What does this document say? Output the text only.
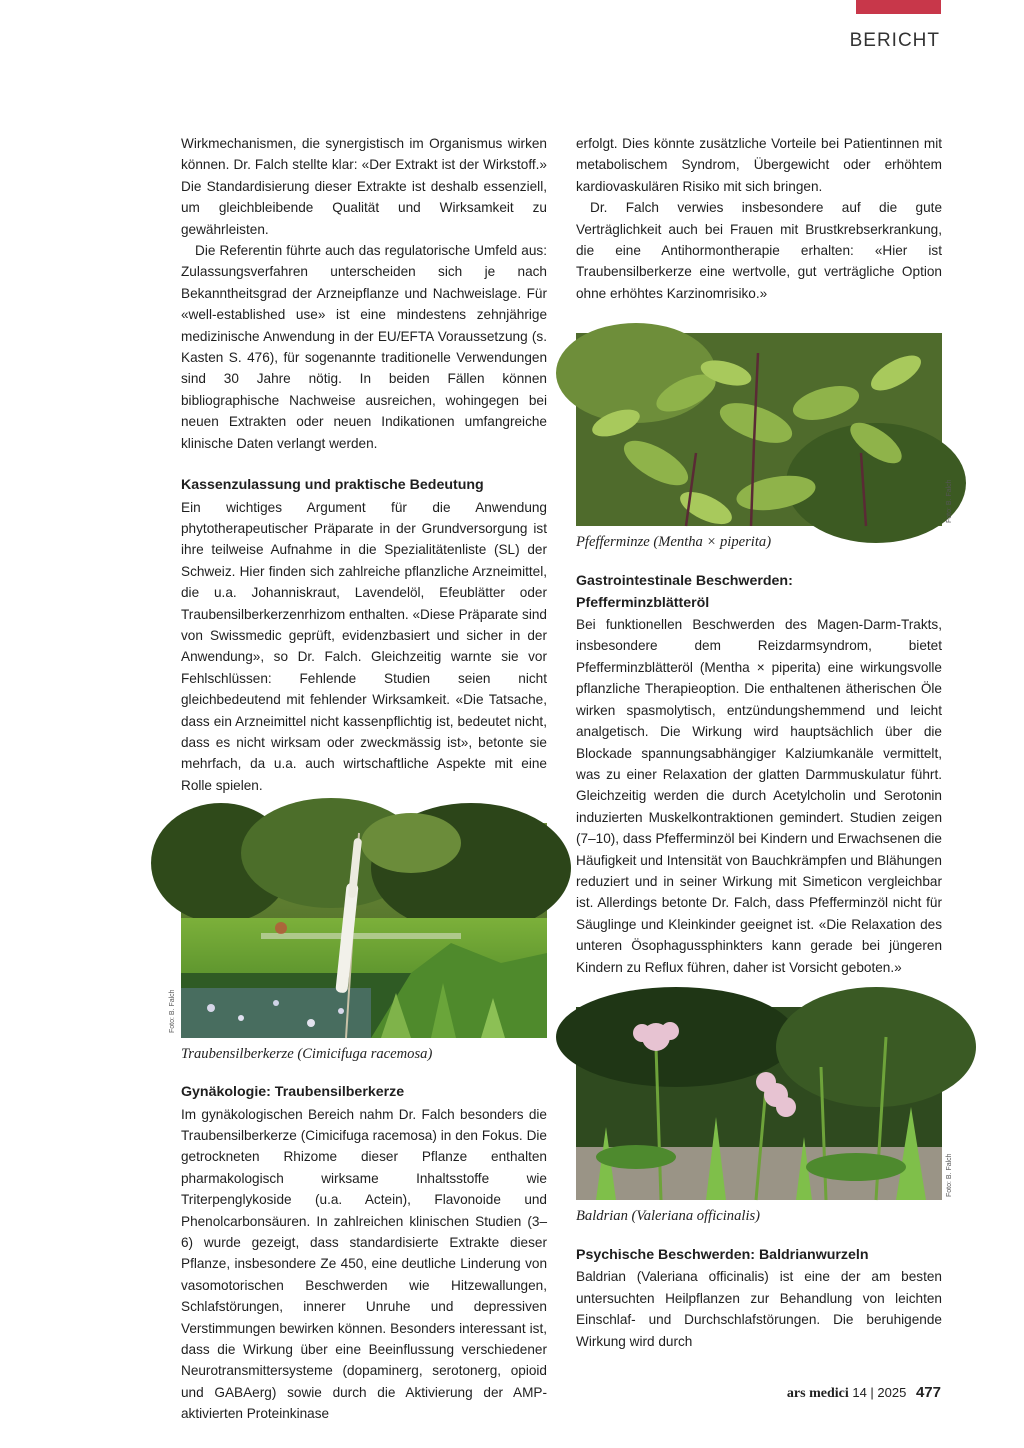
BERICHT

Wirkmechanismen, die synergistisch im Organismus wirken können. Dr. Falch stellte klar: «Der Extrakt ist der Wirkstoff.» Die Standardisierung dieser Extrakte ist deshalb essenziell, um gleichbleibende Qualität und Wirksamkeit zu gewährleisten.

Die Referentin führte auch das regulatorische Umfeld aus: Zulassungsverfahren unterscheiden sich je nach Bekanntheitsgrad der Arzneipflanze und Nachweislage. Für «well-established use» ist eine mindestens zehnjährige medizinische Anwendung in der EU/EFTA Voraussetzung (s. Kasten S. 476), für sogenannte traditionelle Verwendungen sind 30 Jahre nötig. In beiden Fällen können bibliographische Nachweise ausreichen, wohingegen bei neuen Extrakten oder neuen Indikationen umfangreiche klinische Daten verlangt werden.

Kassenzulassung und praktische Bedeutung

Ein wichtiges Argument für die Anwendung phytotherapeutischer Präparate in der Grundversorgung ist ihre teilweise Aufnahme in die Spezialitätenliste (SL) der Schweiz. Hier finden sich zahlreiche pflanzliche Arzneimittel, die u.a. Johanniskraut, Lavendelöl, Efeublätter oder Traubensilberkerzenrhizom enthalten. «Diese Präparate sind von Swissmedic geprüft, evidenzbasiert und sicher in der Anwendung», so Dr. Falch. Gleichzeitig warnte sie vor Fehlschlüssen: Fehlende Studien seien nicht gleichbedeutend mit fehlender Wirksamkeit. «Die Tatsache, dass ein Arzneimittel nicht kassenpflichtig ist, bedeutet nicht, dass es nicht wirksam oder zweckmässig ist», betonte sie mehrfach, da u.a. auch wirtschaftliche Aspekte mit eine Rolle spielen.

Foto: B. Falch

Traubensilberkerze (Cimicifuga racemosa)

Gynäkologie: Traubensilberkerze

Im gynäkologischen Bereich nahm Dr. Falch besonders die Traubensilberkerze (Cimicifuga racemosa) in den Fokus. Die getrockneten Rhizome dieser Pflanze enthalten pharmakologisch wirksame Inhaltsstoffe wie Triterpenglykoside (u.a. Actein), Flavonoide und Phenolcarbonsäuren. In zahlreichen klinischen Studien (3–6) wurde gezeigt, dass standardisierte Extrakte dieser Pflanze, insbesondere Ze 450, eine deutliche Linderung von vasomotorischen Beschwerden wie Hitzewallungen, Schlafstörungen, innerer Unruhe und depressiven Verstimmungen bewirken können. Besonders interessant ist, dass die Wirkung über eine Beeinflussung verschiedener Neurotransmittersysteme (dopaminerg, serotonerg, opioid und GABAerg) sowie durch die Aktivierung der AMP-aktivierten Proteinkinase

erfolgt. Dies könnte zusätzliche Vorteile bei Patientinnen mit metabolischem Syndrom, Übergewicht oder erhöhtem kardiovaskulären Risiko mit sich bringen.

Dr. Falch verwies insbesondere auf die gute Verträglichkeit auch bei Frauen mit Brustkrebserkrankung, die eine Antihormontherapie erhalten: «Hier ist Traubensilberkerze eine wertvolle, gut verträgliche Option ohne erhöhtes Karzinomrisiko.»

Foto: B. Falch

Pfefferminze (Mentha × piperita)

Gastrointestinale Beschwerden:

Pfefferminzblätteröl

Bei funktionellen Beschwerden des Magen-Darm-Trakts, insbesondere dem Reizdarmsyndrom, bietet Pfefferminzblätteröl (Mentha × piperita) eine wirkungsvolle pflanzliche Therapieoption. Die enthaltenen ätherischen Öle wirken spasmolytisch, entzündungshemmend und leicht analgetisch. Die Wirkung wird hauptsächlich über die Blockade spannungsabhängiger Kalziumkanäle vermittelt, was zu einer Relaxation der glatten Darmmuskulatur führt. Gleichzeitig werden die durch Acetylcholin und Serotonin induzierten Muskelkontraktionen gemindert. Studien zeigen (7–10), dass Pfefferminzöl bei Kindern und Erwachsenen die Häufigkeit und Intensität von Bauchkrämpfen und Blähungen reduziert und in seiner Wirkung mit Simeticon vergleichbar ist. Allerdings betonte Dr. Falch, dass Pfefferminzöl nicht für Säuglinge und Kleinkinder geeignet ist. «Die Relaxation des unteren Ösophagussphinkters kann gerade bei jüngeren Kindern zu Reflux führen, daher ist Vorsicht geboten.»

Foto: B. Falch

Baldrian (Valeriana officinalis)

Psychische Beschwerden: Baldrianwurzeln

Baldrian (Valeriana officinalis) ist eine der am besten untersuchten Heilpflanzen zur Behandlung von leichten Einschlaf- und Durchschlafstörungen. Die beruhigende Wirkung wird durch

ars medici 14 | 2025 477
